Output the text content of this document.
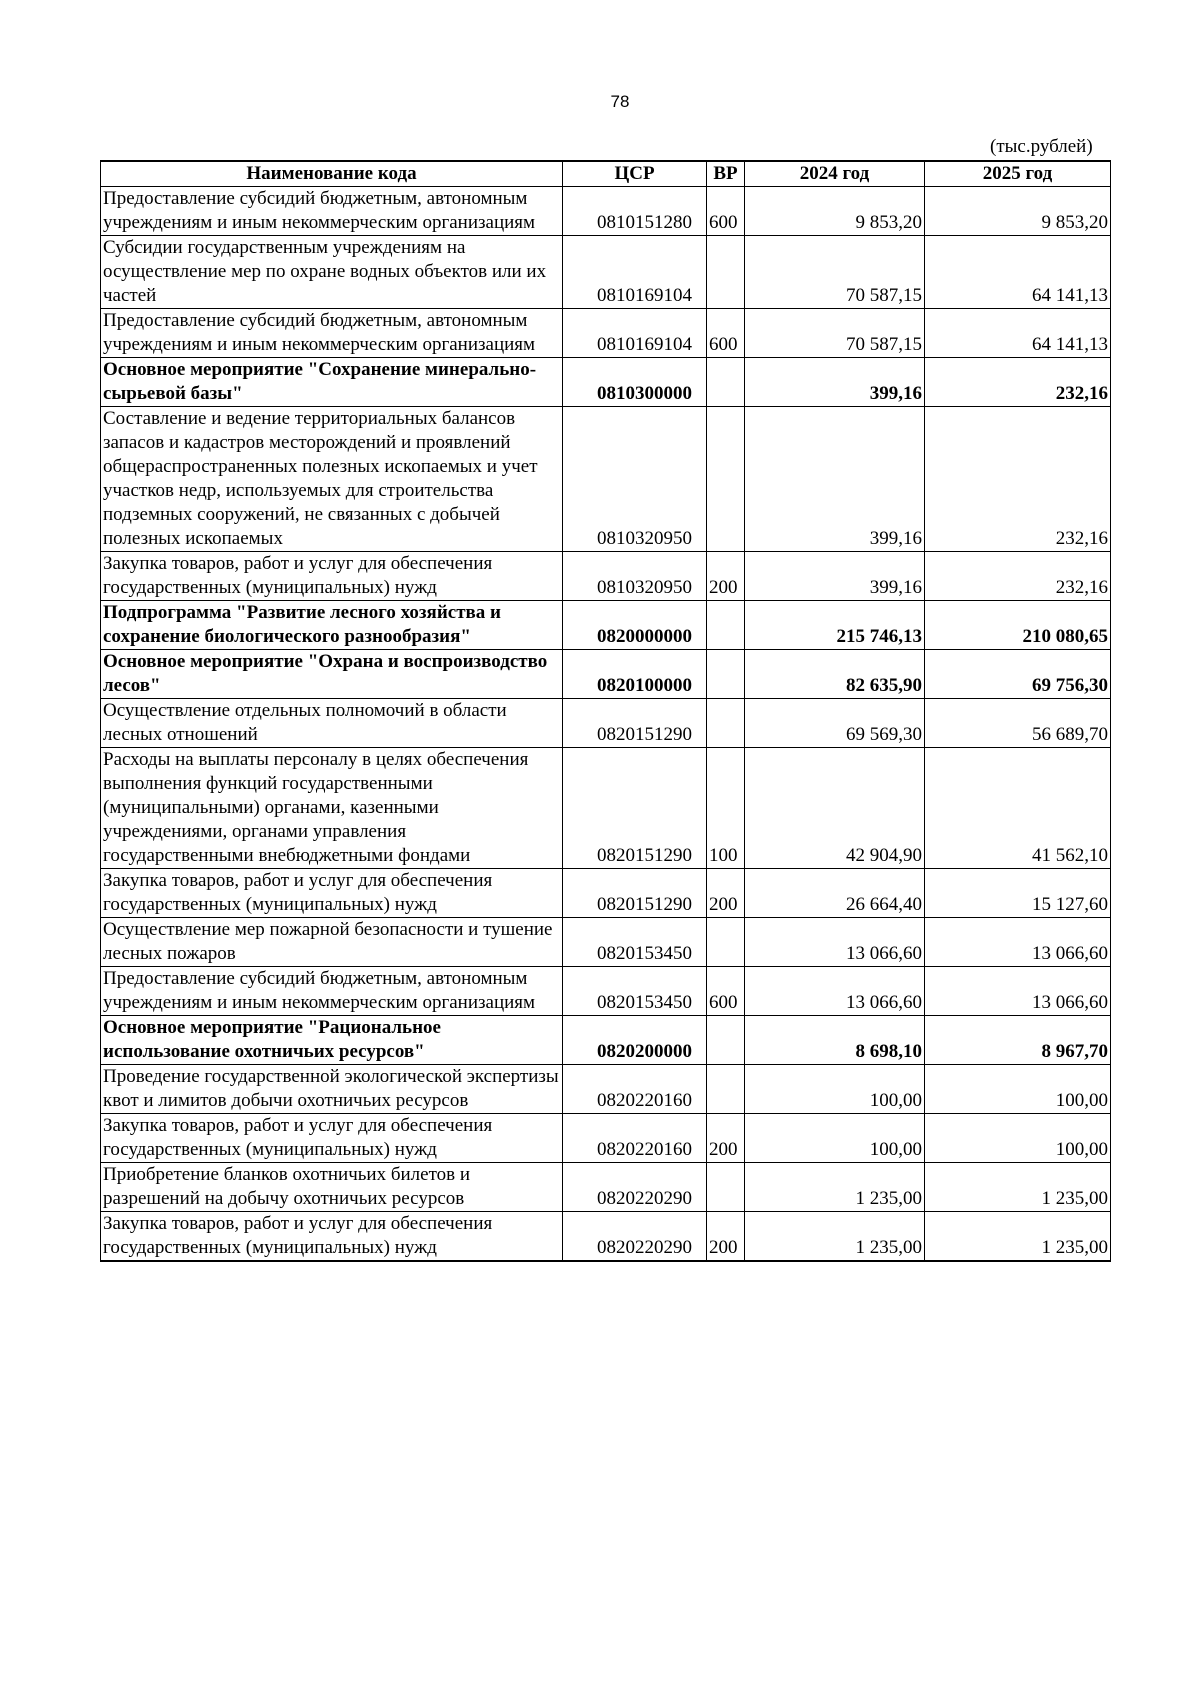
78
(тыс.рублей)
Наименование кода	ЦСР	ВР	2024 год	2025 год
Предоставление субсидий бюджетным, автономным учреждениям и иным некоммерческим организациям	0810151280	600	9 853,20	9 853,20
Субсидии государственным учреждениям на осуществление мер по охране водных объектов или их частей	0810169104		70 587,15	64 141,13
Предоставление субсидий бюджетным, автономным учреждениям и иным некоммерческим организациям	0810169104	600	70 587,15	64 141,13
Основное мероприятие "Сохранение минерально-сырьевой базы"	0810300000		399,16	232,16
Составление и ведение территориальных балансов запасов и кадастров месторождений и проявлений общераспространенных полезных ископаемых и учет участков недр, используемых для строительства подземных сооружений, не связанных с добычей полезных ископаемых	0810320950		399,16	232,16
Закупка товаров, работ и услуг для обеспечения государственных (муниципальных) нужд	0810320950	200	399,16	232,16
Подпрограмма "Развитие лесного хозяйства и сохранение биологического разнообразия"	0820000000		215 746,13	210 080,65
Основное мероприятие "Охрана и воспроизводство лесов"	0820100000		82 635,90	69 756,30
Осуществление отдельных полномочий в области лесных отношений	0820151290		69 569,30	56 689,70
Расходы на выплаты персоналу в целях обеспечения выполнения функций государственными (муниципальными) органами, казенными учреждениями, органами управления государственными внебюджетными фондами	0820151290	100	42 904,90	41 562,10
Закупка товаров, работ и услуг для обеспечения государственных (муниципальных) нужд	0820151290	200	26 664,40	15 127,60
Осуществление мер пожарной безопасности и тушение лесных пожаров	0820153450		13 066,60	13 066,60
Предоставление субсидий бюджетным, автономным учреждениям и иным некоммерческим организациям	0820153450	600	13 066,60	13 066,60
Основное мероприятие "Рациональное использование охотничьих ресурсов"	0820200000		8 698,10	8 967,70
Проведение государственной экологической экспертизы квот и лимитов добычи охотничьих ресурсов	0820220160		100,00	100,00
Закупка товаров, работ и услуг для обеспечения государственных (муниципальных) нужд	0820220160	200	100,00	100,00
Приобретение бланков охотничьих билетов и разрешений на добычу охотничьих ресурсов	0820220290		1 235,00	1 235,00
Закупка товаров, работ и услуг для обеспечения государственных (муниципальных) нужд	0820220290	200	1 235,00	1 235,00
